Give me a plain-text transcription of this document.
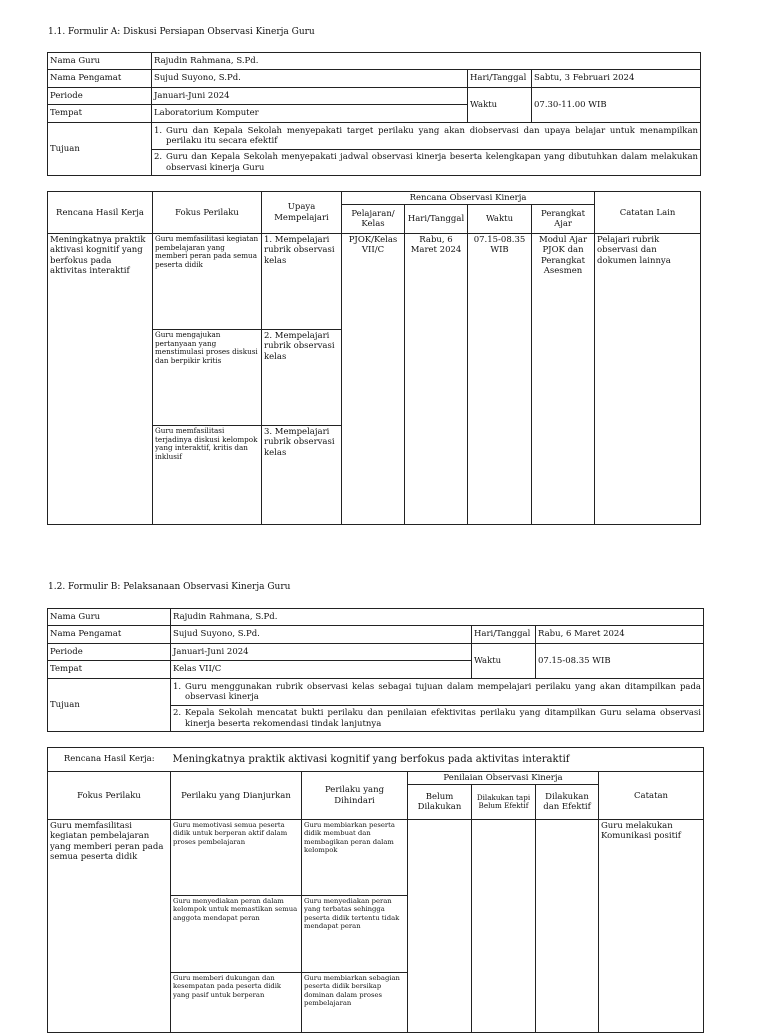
1.1. Formulir A: Diskusi Persiapan Observasi Kinerja Guru
Nama Guru	Rajudin Rahmana, S.Pd.		
Nama Pengamat	Sujud Suyono, S.Pd.	Hari/Tanggal	Sabtu, 3 Februari 2024
Periode	Januari-Juni 2024	Waktu	07.30-11.00 WIB
Tempat	Laboratorium Komputer		
Tujuan	1. Guru dan Kepala Sekolah menyepakati target perilaku yang akan diobservasi dan upaya belajar untuk menampilkan perilaku itu secara efektif		

	2. Guru dan Kepala Sekolah menyepakati jadwal observasi kinerja beserta kelengkapan yang dibutuhkan dalam melakukan observasi kinerja Guru		
Rencana Hasil Kerja	Fokus Perilaku	Upaya Mempelajari	Rencana Observasi Kinerja				Catatan Lain
			Pelajaran/ Kelas	Hari/Tanggal	Waktu	Perangkat Ajar	
Meningkatnya praktik aktivasi kognitif yang berfokus pada aktivitas interaktif	Guru memfasilitasi kegiatan pembelajaran yang memberi peran pada semua peserta didik	1. Mempelajari rubrik observasi kelas	PJOK/Kelas VII/C	Rabu, 6 Maret 2024	07.15-08.35 WIB	Modul Ajar PJOK dan Perangkat Asesmen	Pelajari rubrik observasi dan dokumen lainnya
	Guru mengajukan pertanyaan yang menstimulasi proses diskusi dan berpikir kritis	2. Mempelajari rubrik observasi kelas					
	Guru memfasilitasi terjadinya diskusi kelompok yang interaktif, kritis dan inklusif	3. Mempelajari rubrik observasi kelas					
1.2. Formulir B: Pelaksanaan Observasi Kinerja Guru
Nama Guru	Rajudin Rahmana, S.Pd.		
Nama Pengamat	Sujud Suyono, S.Pd.	Hari/Tanggal	Rabu, 6 Maret 2024
Periode	Januari-Juni 2024	Waktu	07.15-08.35 WIB
Tempat	Kelas VII/C		
Tujuan	1. Guru menggunakan rubrik observasi kelas sebagai tujuan dalam mempelajari perilaku yang akan ditampilkan pada observasi kinerja		

	2. Kepala Sekolah mencatat bukti perilaku dan penilaian efektivitas perilaku yang ditampilkan Guru selama observasi kinerja beserta rekomendasi tindak lanjutnya		
Rencana Hasil Kerja:	Meningkatnya praktik aktivasi kognitif yang berfokus pada aktivitas interaktif					
Fokus Perilaku	Perilaku yang Dianjurkan	Perilaku yang Dihindari	Penilaian Observasi Kinerja			Catatan
			Belum Dilakukan	Dilakukan tapi Belum Efektif	Dilakukan dan Efektif	
Guru memfasilitasi kegiatan pembelajaran yang memberi peran pada semua peserta didik	Guru memotivasi semua peserta didik untuk berperan aktif dalam proses pembelajaran	Guru membiarkan peserta didik membuat dan membagikan peran dalam kelompok				Guru melakukan Komunikasi positif
	Guru menyediakan peran dalam kelompok untuk memastikan semua anggota mendapat peran	Guru menyediakan peran yang terbatas sehingga peserta didik tertentu tidak mendapat peran				
	Guru memberi dukungan dan kesempatan pada peserta didik yang pasif untuk berperan	Guru membiarkan sebagian peserta didik bersikap dominan dalam proses pembelajaran				
